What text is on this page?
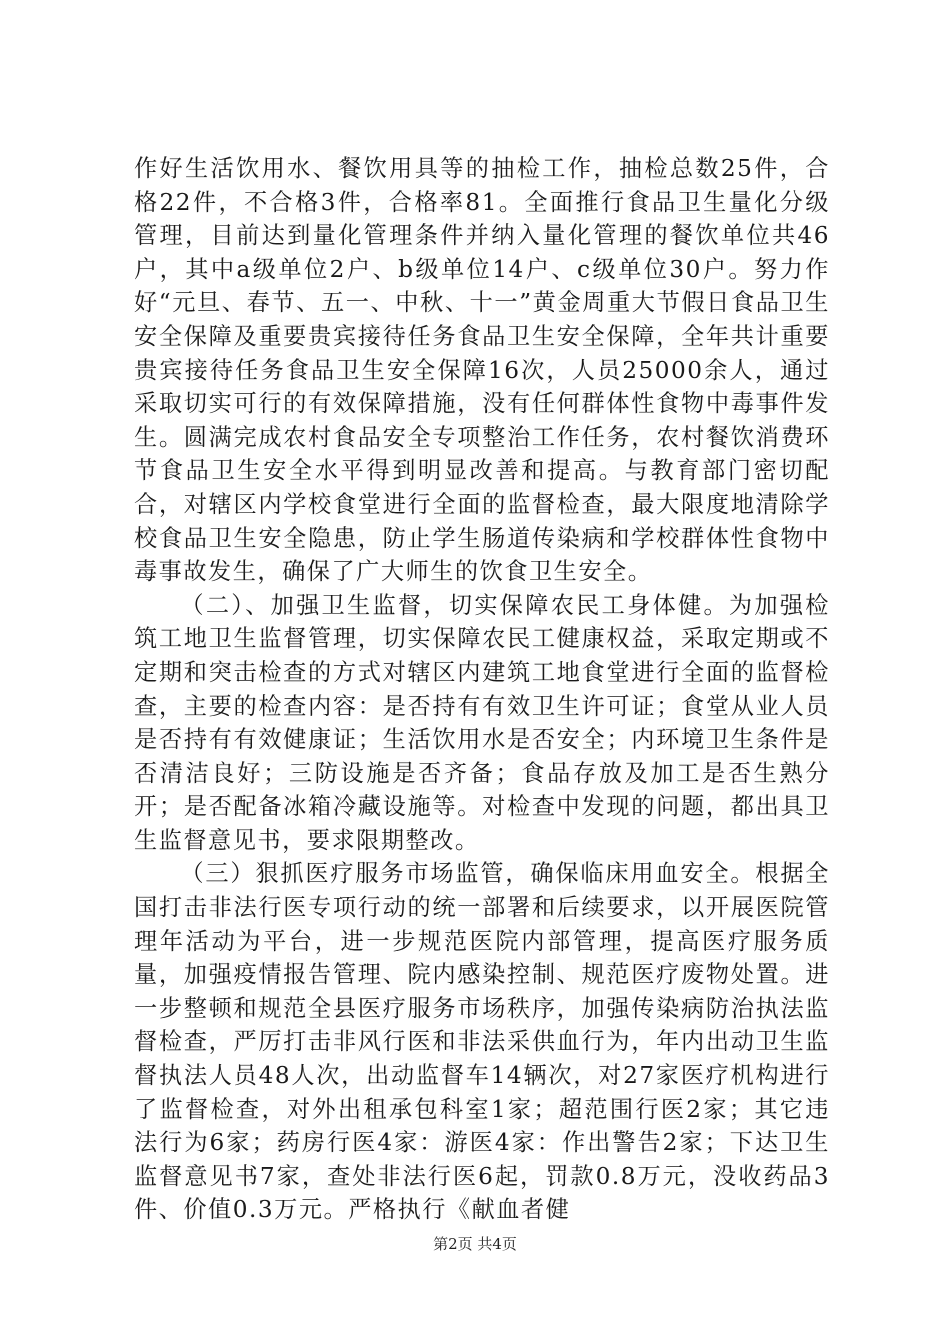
作好生活饮用水、餐饮用具等的抽检工作，抽检总数25件，合格22件，不合格3件，合格率81。全面推行食品卫生量化分级管理，目前达到量化管理条件并纳入量化管理的餐饮单位共46户，其中a级单位2户、b级单位14户、c级单位30户。努力作好“元旦、春节、五一、中秋、十一”黄金周重大节假日食品卫生安全保障及重要贵宾接待任务食品卫生安全保障，全年共计重要贵宾接待任务食品卫生安全保障16次，人员25000余人，通过采取切实可行的有效保障措施，没有任何群体性食物中毒事件发生。圆满完成农村食品安全专项整治工作任务，农村餐饮消费环节食品卫生安全水平得到明显改善和提高。与教育部门密切配合，对辖区内学校食堂进行全面的监督检查，最大限度地清除学校食品卫生安全隐患，防止学生肠道传染病和学校群体性食物中毒事故发生，确保了广大师生的饮食卫生安全。

（二）、加强卫生监督，切实保障农民工身体健。为加强检筑工地卫生监督管理，切实保障农民工健康权益，采取定期或不定期和突击检查的方式对辖区内建筑工地食堂进行全面的监督检查，主要的检查内容：是否持有有效卫生许可证；食堂从业人员是否持有有效健康证；生活饮用水是否安全；内环境卫生条件是否清洁良好；三防设施是否齐备；食品存放及加工是否生熟分开；是否配备冰箱冷藏设施等。对检查中发现的问题，都出具卫生监督意见书，要求限期整改。

（三）狠抓医疗服务市场监管，确保临床用血安全。根据全国打击非法行医专项行动的统一部署和后续要求，以开展医院管理年活动为平台，进一步规范医院内部管理，提高医疗服务质量，加强疫情报告管理、院内感染控制、规范医疗废物处置。进一步整顿和规范全县医疗服务市场秩序，加强传染病防治执法监督检查，严厉打击非风行医和非法采供血行为，年内出动卫生监督执法人员48人次，出动监督车14辆次，对27家医疗机构进行了监督检查，对外出租承包科室1家；超范围行医2家；其它违法行为6家；药房行医4家：游医4家：作出警告2家；下达卫生监督意见书7家，查处非法行医6起，罚款0.8万元，没收药品3件、价值0.3万元。严格执行《献血者健

第2页 共4页
